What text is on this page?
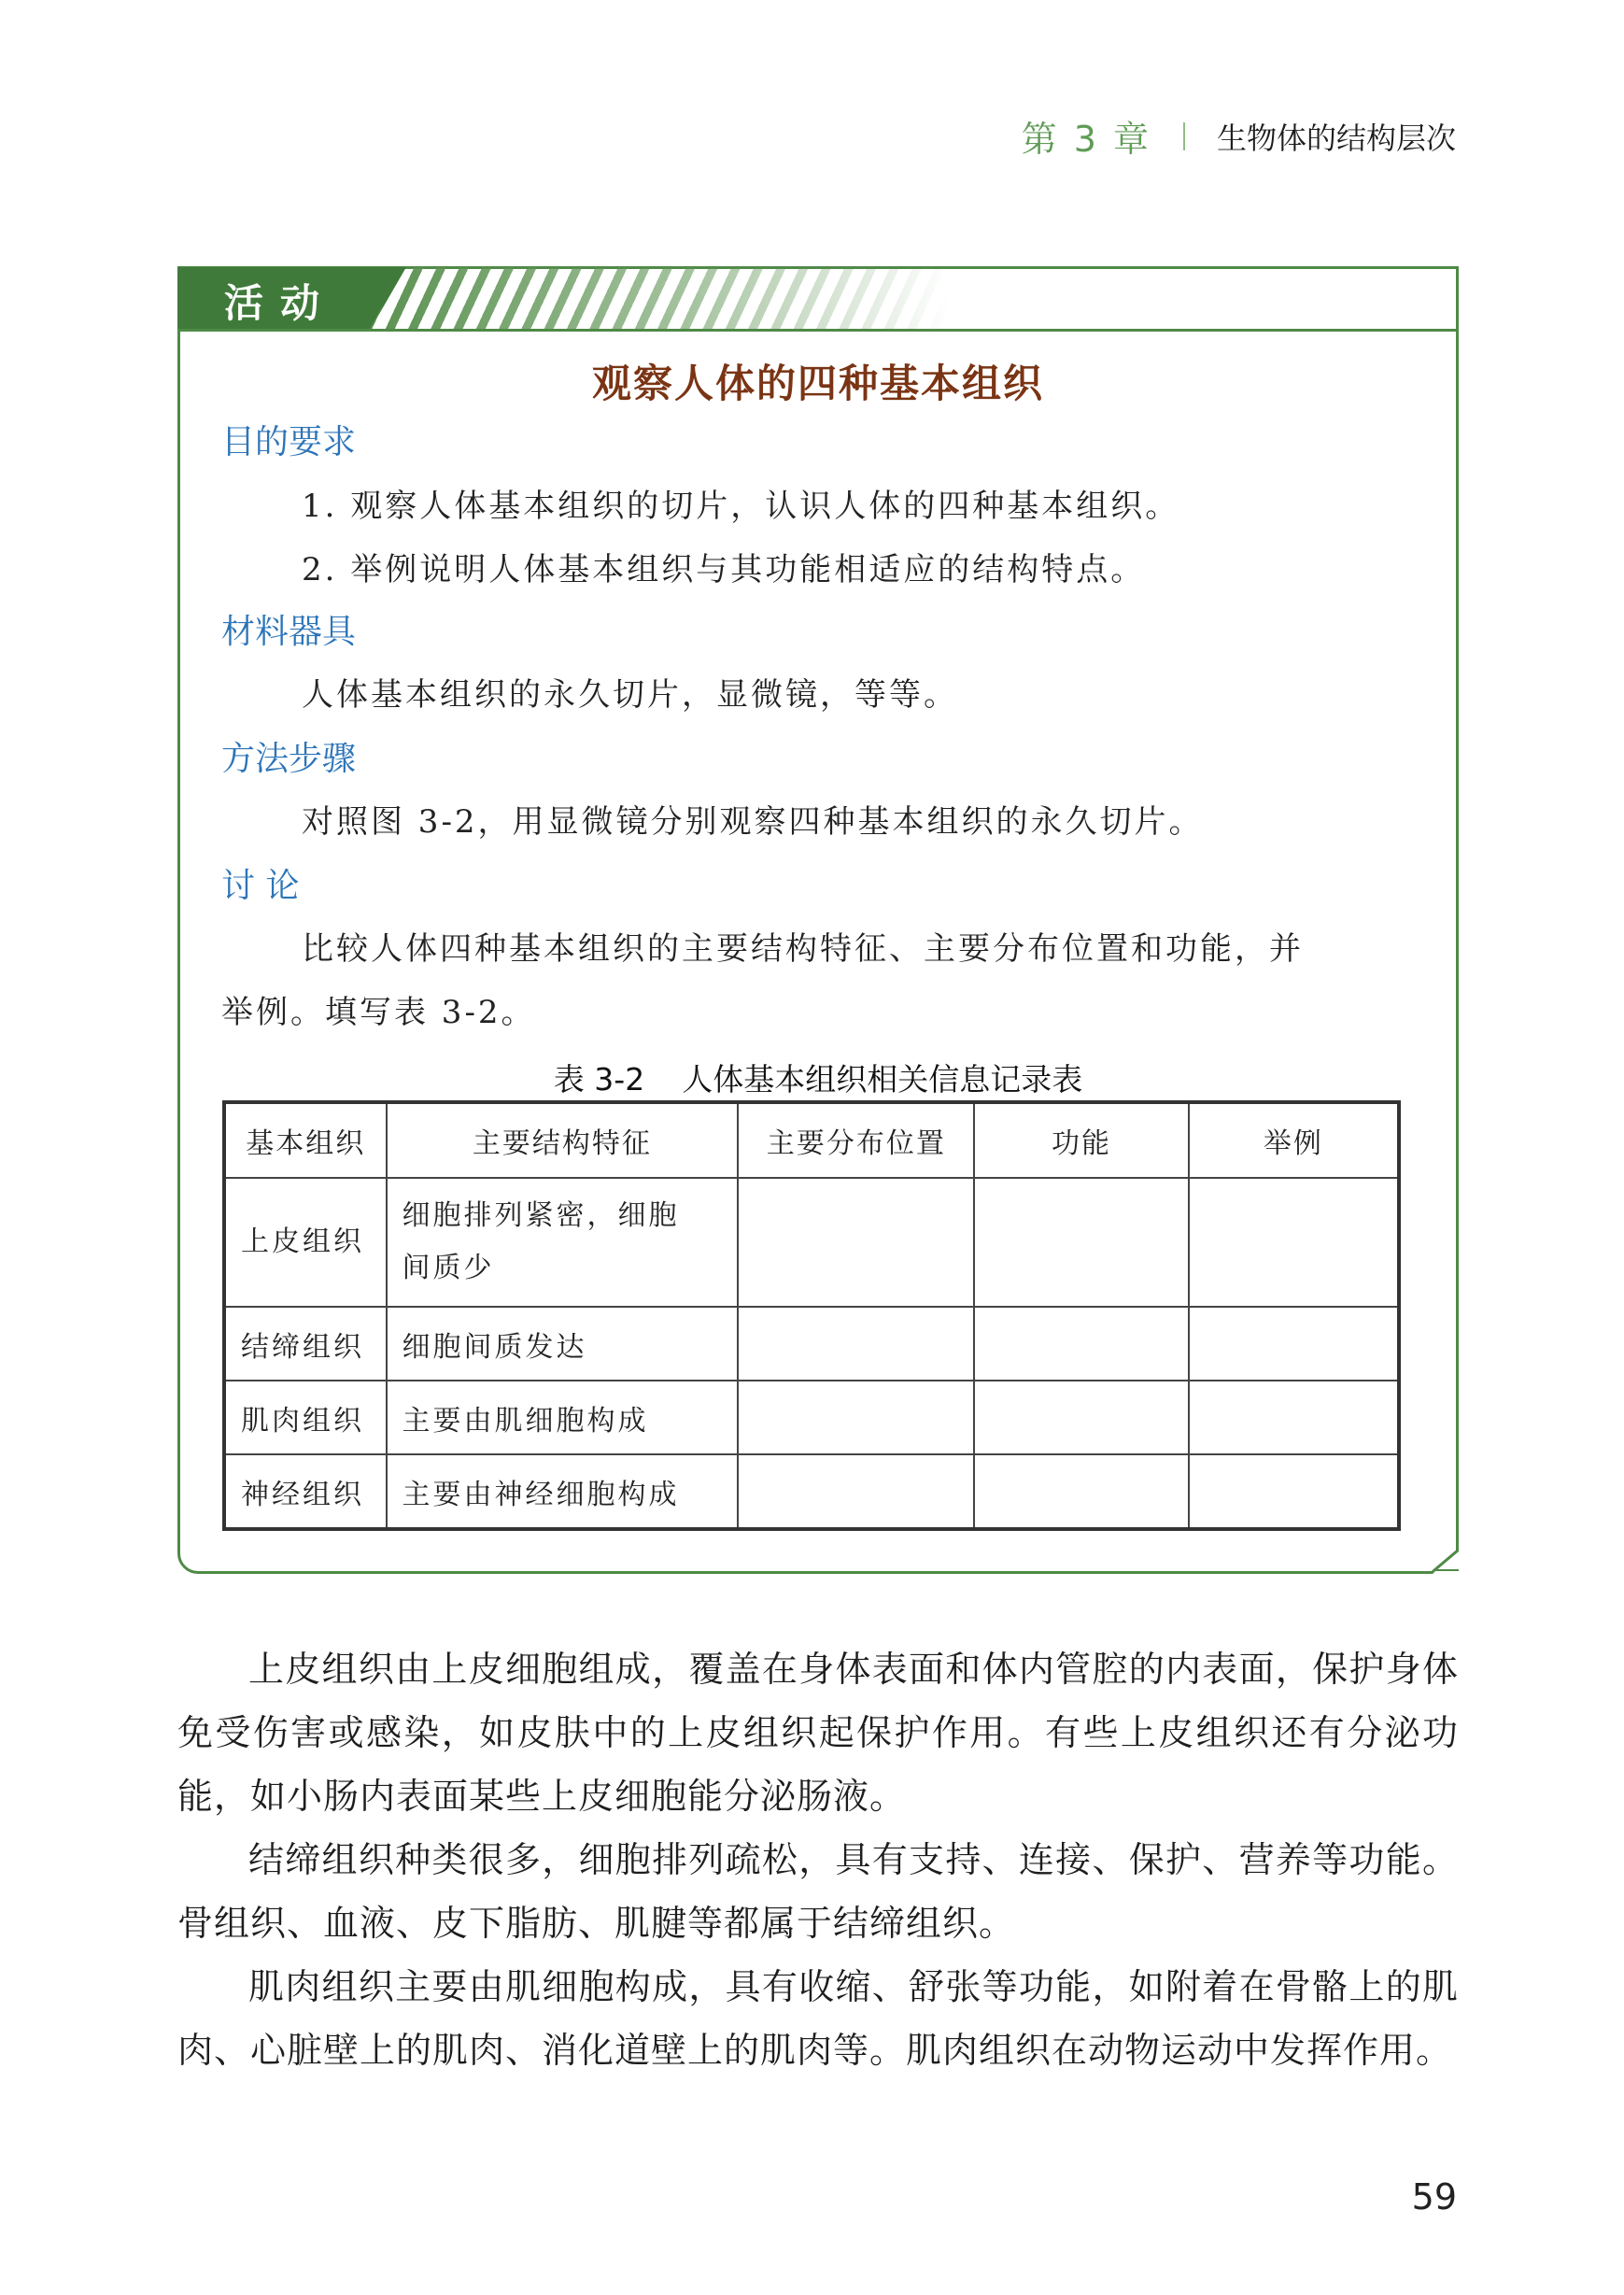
第 3 章 生物体的结构层次
活动
观察人体的四种基本组织
目的要求
1. 观察人体基本组织的切片，认识人体的四种基本组织。
2. 举例说明人体基本组织与其功能相适应的结构特点。
材料器具
人体基本组织的永久切片，显微镜，等等。
方法步骤
对照图 3-2，用显微镜分别观察四种基本组织的永久切片。
讨 论
比较人体四种基本组织的主要结构特征、主要分布位置和功能，并
举例。填写表 3-2。
表 3-2 人体基本组织相关信息记录表
基本组织	主要结构特征	主要分布位置	功能	举例
上皮组织	细胞排列紧密，细胞
间质少			

结缔组织	细胞间质发达			
肌肉组织	主要由肌细胞构成			
神经组织	主要由神经细胞构成			

上皮组织由上皮细胞组成，覆盖在身体表面和体内管腔的内表面，保护身体免受伤害或感染，如皮肤中的上皮组织起保护作用。有些上皮组织还有分泌功能，如小肠内表面某些上皮细胞能分泌肠液。

结缔组织种类很多，细胞排列疏松，具有支持、连接、保护、营养等功能。骨组织、血液、皮下脂肪、肌腱等都属于结缔组织。

肌肉组织主要由肌细胞构成，具有收缩、舒张等功能，如附着在骨骼上的肌肉、心脏壁上的肌肉、消化道壁上的肌肉等。肌肉组织在动物运动中发挥作用。

59
